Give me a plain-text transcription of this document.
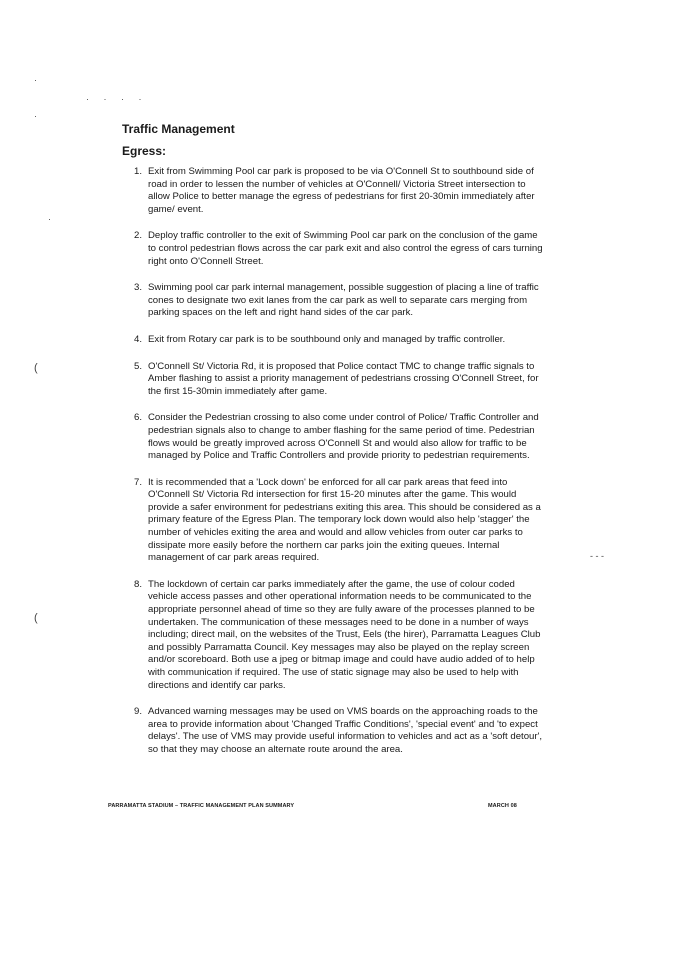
·
· · · ·
·
·
(
(
- - -
Traffic Management
Egress:
1. Exit from Swimming Pool car park is proposed to be via O'Connell St to southbound side of road in order to lessen the number of vehicles at O'Connell/ Victoria Street intersection to allow Police to better manage the egress of pedestrians for first 20-30min immediately after game/ event.
2. Deploy traffic controller to the exit of Swimming Pool car park on the conclusion of the game to control pedestrian flows across the car park exit and also control the egress of cars turning right onto O'Connell Street.
3. Swimming pool car park internal management, possible suggestion of placing a line of traffic cones to designate two exit lanes from the car park as well to separate cars merging from parking spaces on the left and right hand sides of the car park.
4. Exit from Rotary car park is to be southbound only and managed by traffic controller.
5. O'Connell St/ Victoria Rd, it is proposed that Police contact TMC to change traffic signals to Amber flashing to assist a priority management of pedestrians crossing O'Connell Street, for the first 15-30min immediately after game.
6. Consider the Pedestrian crossing to also come under control of Police/ Traffic Controller and pedestrian signals also to change to amber flashing for the same period of time. Pedestrian flows would be greatly improved across O'Connell St and would also allow for traffic to be managed by Police and Traffic Controllers and provide priority to pedestrian requirements.
7. It is recommended that a 'Lock down' be enforced for all car park areas that feed into O'Connell St/ Victoria Rd intersection for first 15-20 minutes after the game. This would provide a safer environment for pedestrians exiting this area. This should be considered as a primary feature of the Egress Plan. The temporary lock down would also help 'stagger' the number of vehicles exiting the area and would and allow vehicles from outer car parks to dissipate more easily before the northern car parks join the exiting queues. Internal management of car park areas required.
8. The lockdown of certain car parks immediately after the game, the use of colour coded vehicle access passes and other operational information needs to be communicated to the appropriate personnel ahead of time so they are fully aware of the processes planned to be undertaken. The communication of these messages need to be done in a number of ways including; direct mail, on the websites of the Trust, Eels (the hirer), Parramatta Leagues Club and possibly Parramatta Council. Key messages may also be played on the replay screen and/or scoreboard. Both use a jpeg or bitmap image and could have audio added of to help with communication if required. The use of static signage may also be used to help with directions and identify car parks.
9. Advanced warning messages may be used on VMS boards on the approaching roads to the area to provide information about 'Changed Traffic Conditions', 'special event' and 'to expect delays'. The use of VMS may provide useful information to vehicles and act as a 'soft detour', so that they may choose an alternate route around the area.
PARRAMATTA STADIUM – TRAFFIC MANAGEMENT PLAN SUMMARY	MARCH 08
